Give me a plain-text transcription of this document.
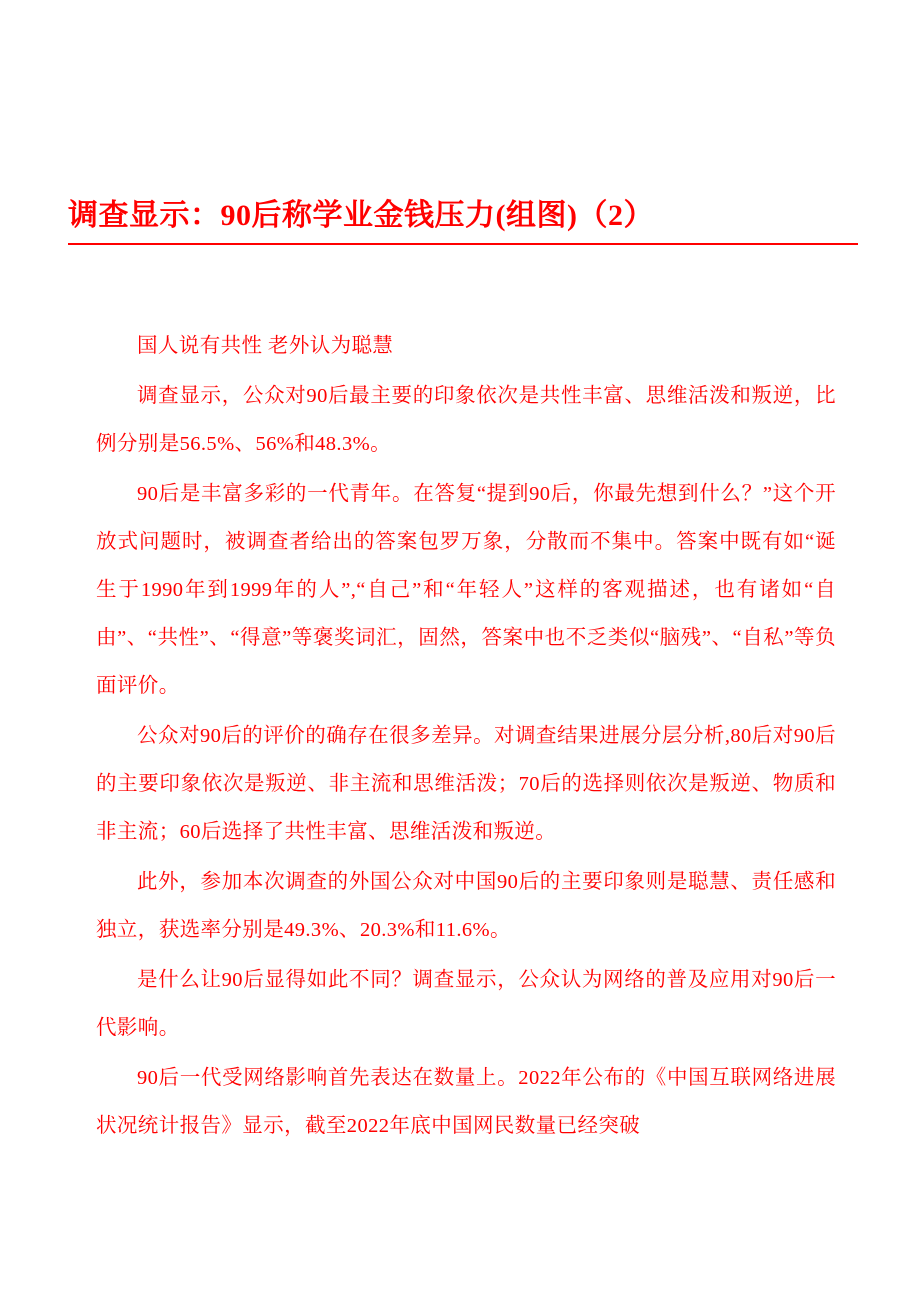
调查显示：90后称学业金钱压力(组图)（2）

国人说有共性 老外认为聪慧

调查显示，公众对90后最主要的印象依次是共性丰富、思维活泼和叛逆，比例分别是56.5%、56%和48.3%。

90后是丰富多彩的一代青年。在答复“提到90后，你最先想到什么？”这个开放式问题时，被调查者给出的答案包罗万象，分散而不集中。答案中既有如“诞生于1990年到1999年的人”,“自己”和“年轻人”这样的客观描述，也有诸如“自由”、“共性”、“得意”等褒奖词汇，固然，答案中也不乏类似“脑残”、“自私”等负面评价。

公众对90后的评价的确存在很多差异。对调查结果进展分层分析,80后对90后的主要印象依次是叛逆、非主流和思维活泼；70后的选择则依次是叛逆、物质和非主流；60后选择了共性丰富、思维活泼和叛逆。

此外，参加本次调查的外国公众对中国90后的主要印象则是聪慧、责任感和独立，获选率分别是49.3%、20.3%和11.6%。

是什么让90后显得如此不同？调查显示，公众认为网络的普及应用对90后一代影响。

90后一代受网络影响首先表达在数量上。2022年公布的《中国互联网络进展状况统计报告》显示，截至2022年底中国网民数量已经突破
